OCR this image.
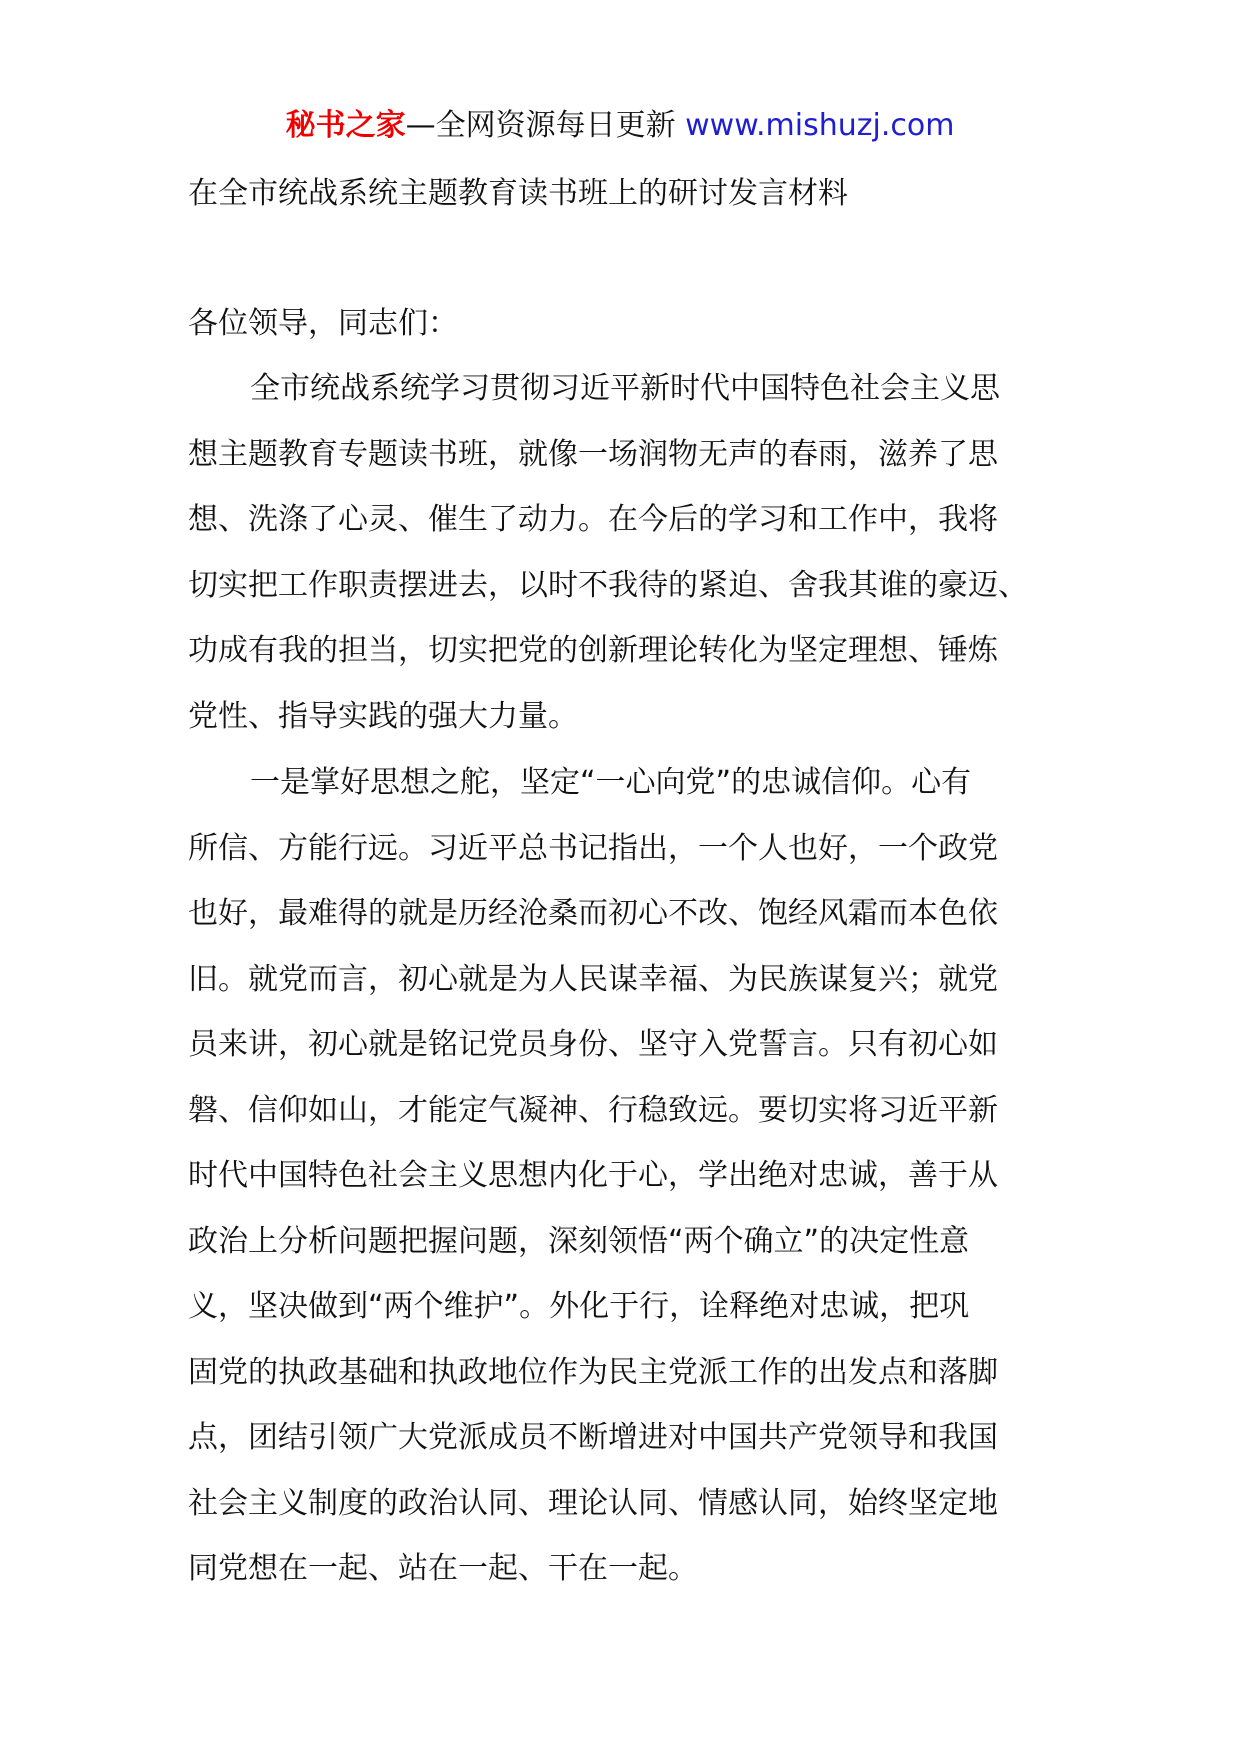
秘书之家—全网资源每日更新 www.mishuzj.com
在全市统战系统主题教育读书班上的研讨发言材料
各位领导，同志们：
全市统战系统学习贯彻习近平新时代中国特色社会主义思
想主题教育专题读书班，就像一场润物无声的春雨，滋养了思
想、洗涤了心灵、催生了动力。在今后的学习和工作中，我将
切实把工作职责摆进去，以时不我待的紧迫、舍我其谁的豪迈、
功成有我的担当，切实把党的创新理论转化为坚定理想、锤炼
党性、指导实践的强大力量。
一是掌好思想之舵，坚定“一心向党”的忠诚信仰。心有
所信、方能行远。习近平总书记指出，一个人也好，一个政党
也好，最难得的就是历经沧桑而初心不改、饱经风霜而本色依
旧。就党而言，初心就是为人民谋幸福、为民族谋复兴；就党
员来讲，初心就是铭记党员身份、坚守入党誓言。只有初心如
磐、信仰如山，才能定气凝神、行稳致远。要切实将习近平新
时代中国特色社会主义思想内化于心，学出绝对忠诚，善于从
政治上分析问题把握问题，深刻领悟“两个确立”的决定性意
义，坚决做到“两个维护”。外化于行，诠释绝对忠诚，把巩
固党的执政基础和执政地位作为民主党派工作的出发点和落脚
点，团结引领广大党派成员不断增进对中国共产党领导和我国
社会主义制度的政治认同、理论认同、情感认同，始终坚定地
同党想在一起、站在一起、干在一起。
